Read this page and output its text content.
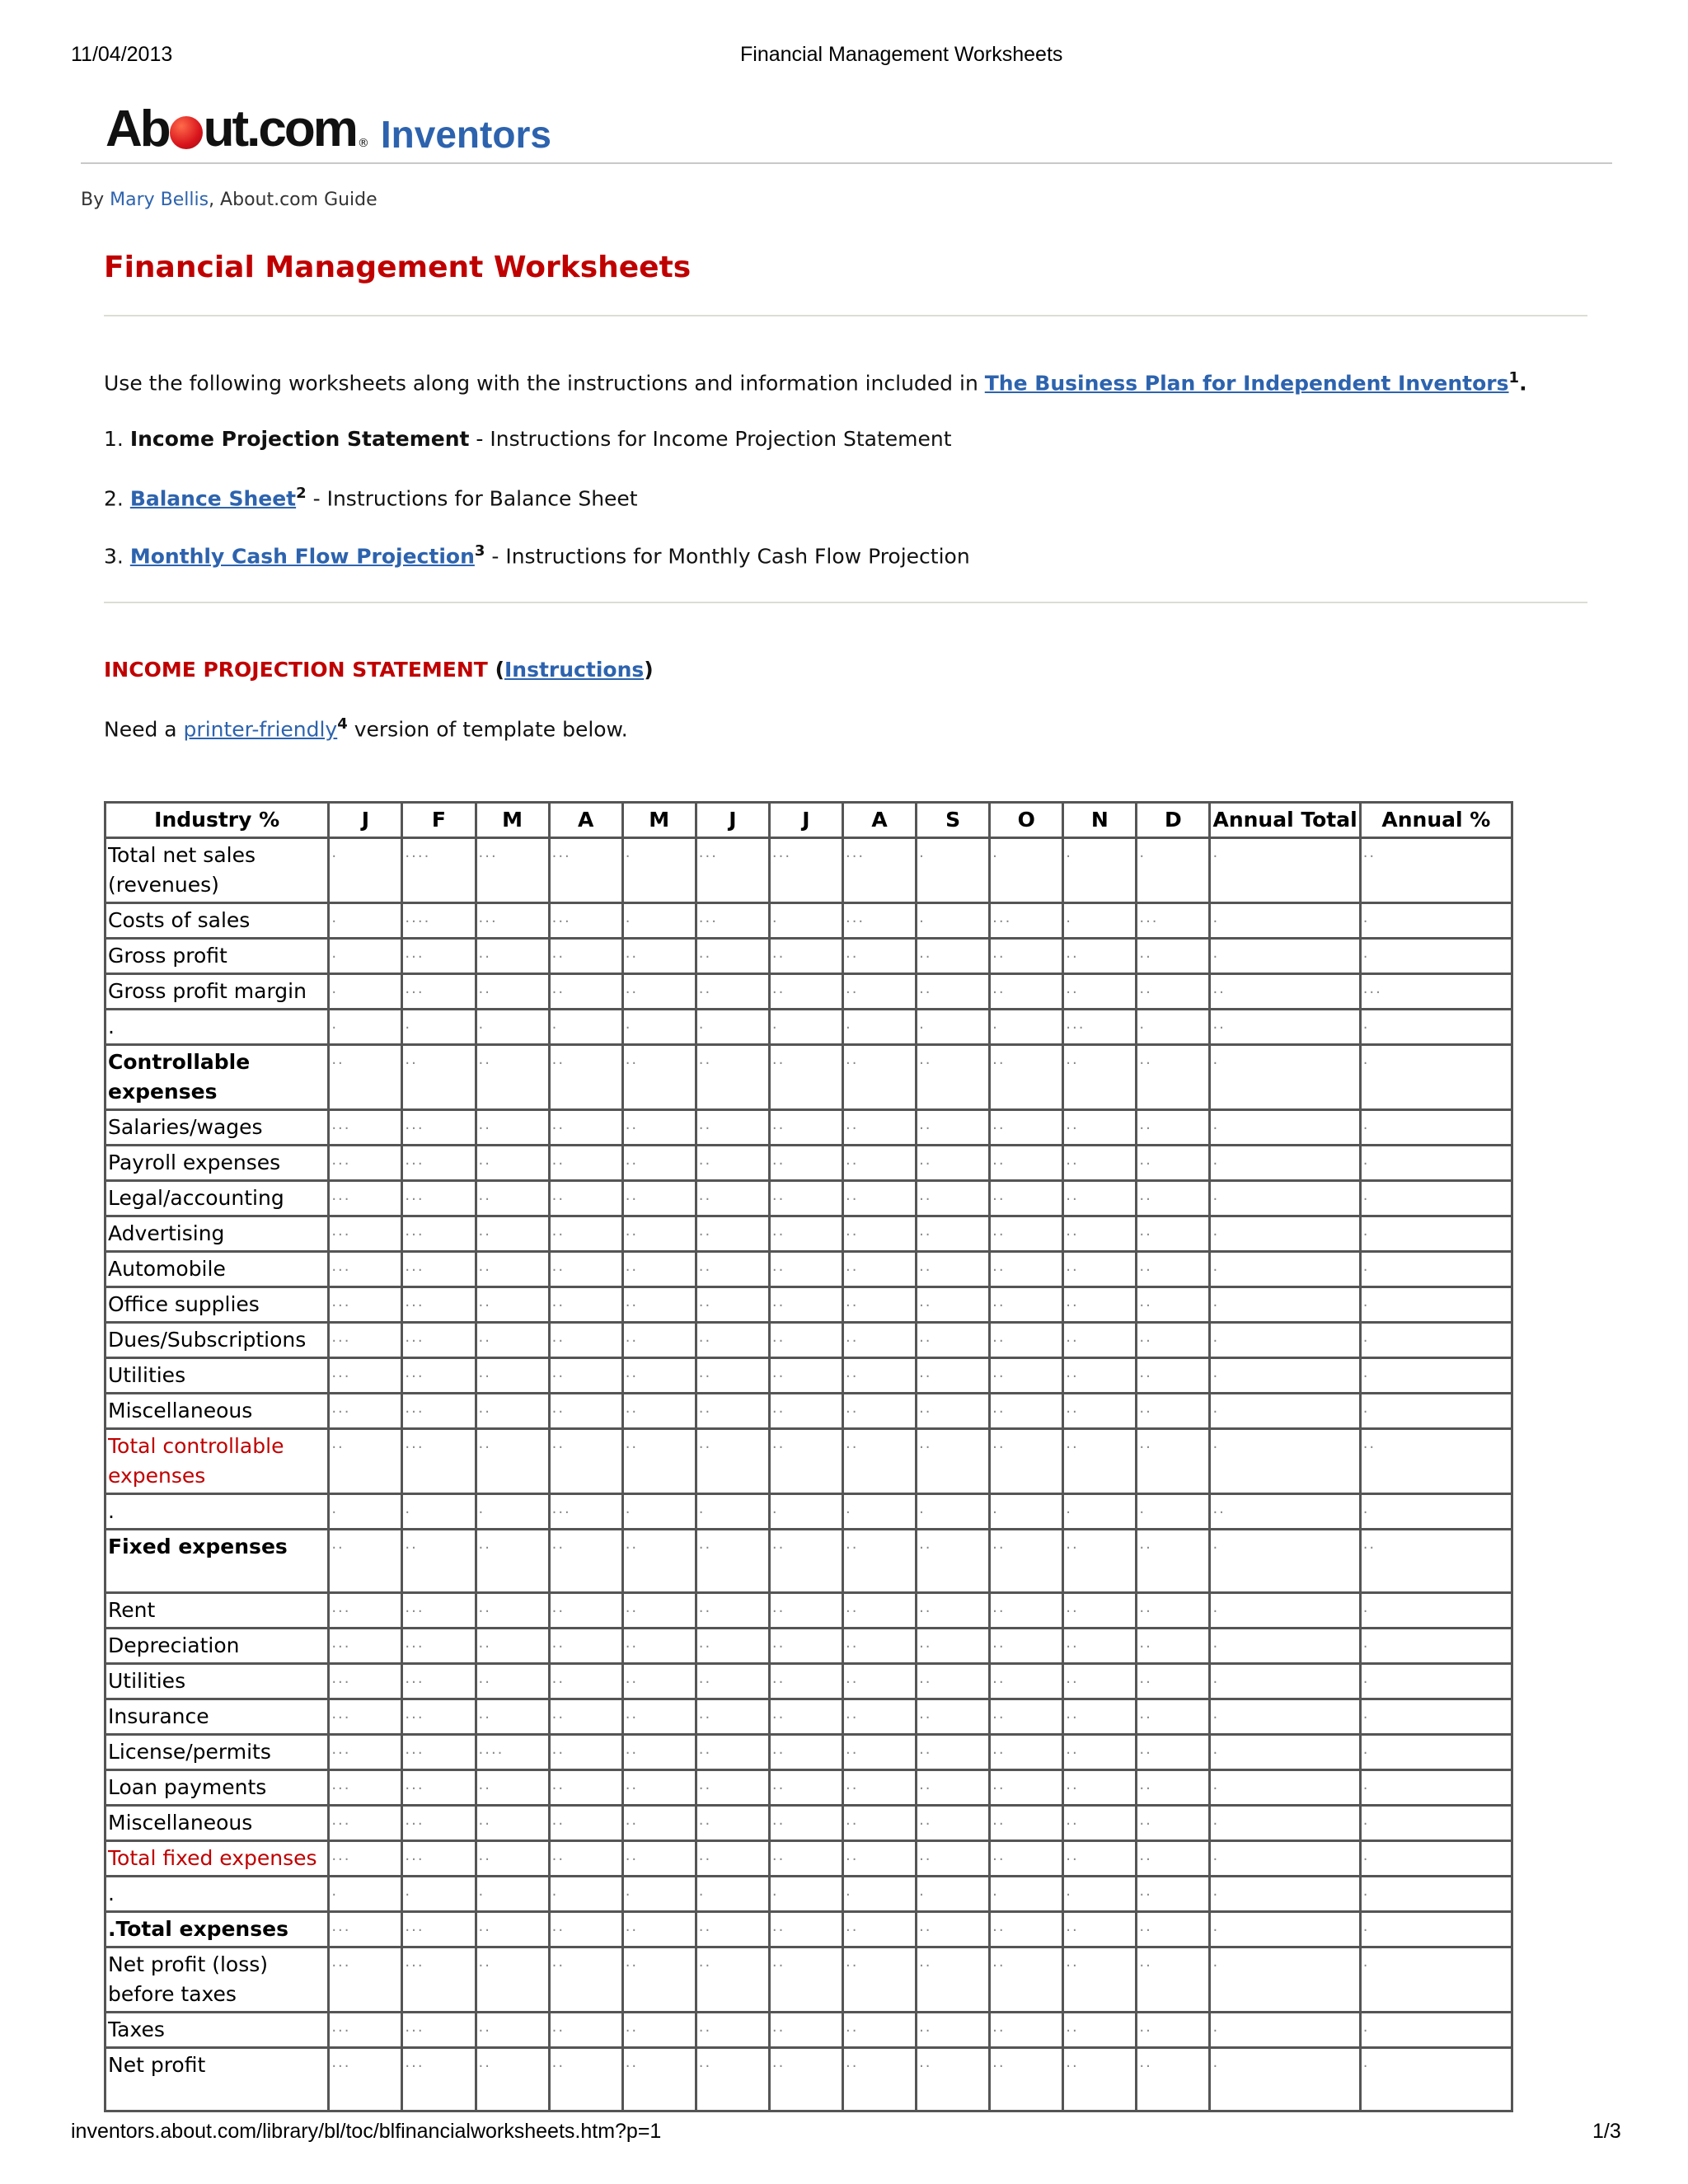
11/04/2013	Financial Management Worksheets
Ab ut.com ® Inventors
By Mary Bellis, About.com Guide
Financial Management Worksheets
Use the following worksheets along with the instructions and information included in The Business Plan for Independent Inventors$^1$.
1. Income Projection Statement - Instructions for Income Projection Statement
2. Balance Sheet$^2$ - Instructions for Balance Sheet
3. Monthly Cash Flow Projection$^3$ - Instructions for Monthly Cash Flow Projection
INCOME PROJECTION STATEMENT (Instructions)
Need a printer-friendly$^4$ version of template below.
Industry %	J	F	M	A	M	J	J	A	S	O	N	D	Annual Total	Annual %
Total net sales (revenues)	.	....	...	...	.	...	...	...	.	.	.	.	.	..
Costs of sales	.	....	...	...	.	...	.	...	.	...	.	...	.	.
Gross profit	.	...	..	..	..	..	..	..	..	..	..	..	.	.
Gross profit margin	.	...	..	..	..	..	..	..	..	..	..	..	..	...
.	.	.	.	.	.	.	.	.	.	.	...	.	..	.
Controllable expenses	..	..	..	..	..	..	..	..	..	..	..	..	.	.
Salaries/wages	...	...	..	..	..	..	..	..	..	..	..	..	.	.
Payroll expenses	...	...	..	..	..	..	..	..	..	..	..	..	.	.
Legal/accounting	...	...	..	..	..	..	..	..	..	..	..	..	.	.
Advertising	...	...	..	..	..	..	..	..	..	..	..	..	.	.
Automobile	...	...	..	..	..	..	..	..	..	..	..	..	.	.
Office supplies	...	...	..	..	..	..	..	..	..	..	..	..	.	.
Dues/Subscriptions	...	...	..	..	..	..	..	..	..	..	..	..	.	.
Utilities	...	...	..	..	..	..	..	..	..	..	..	..	.	.
Miscellaneous	...	...	..	..	..	..	..	..	..	..	..	..	.	.
Total controllable expenses	..	...	..	..	..	..	..	..	..	..	..	..	.	..
.	.	.	.	...	.	.	.	.	.	.	.	.	..	.
Fixed expenses	..	..	..	..	..	..	..	..	..	..	..	..	.	..
Rent	...	...	..	..	..	..	..	..	..	..	..	..	.	.
Depreciation	...	...	..	..	..	..	..	..	..	..	..	..	.	.
Utilities	...	...	..	..	..	..	..	..	..	..	..	..	.	.
Insurance	...	...	..	..	..	..	..	..	..	..	..	..	.	.
License/permits	...	...	....	..	..	..	..	..	..	..	..	..	.	.
Loan payments	...	...	..	..	..	..	..	..	..	..	..	..	.	.
Miscellaneous	...	...	..	..	..	..	..	..	..	..	..	..	.	.
Total fixed expenses	...	...	..	..	..	..	..	..	..	..	..	..	.	.
.	.	.	.	.	.	.	.	.	.	.	.	..	.	.
.Total expenses	...	...	..	..	..	..	..	..	..	..	..	..	.	.
Net profit (loss) before taxes	...	...	..	..	..	..	..	..	..	..	..	..	.	.
Taxes	...	...	..	..	..	..	..	..	..	..	..	..	.	.
Net profit	...	...	..	..	..	..	..	..	..	..	..	..	.	.
inventors.about.com/library/bl/toc/blfinancialworksheets.htm?p=1	1/3
